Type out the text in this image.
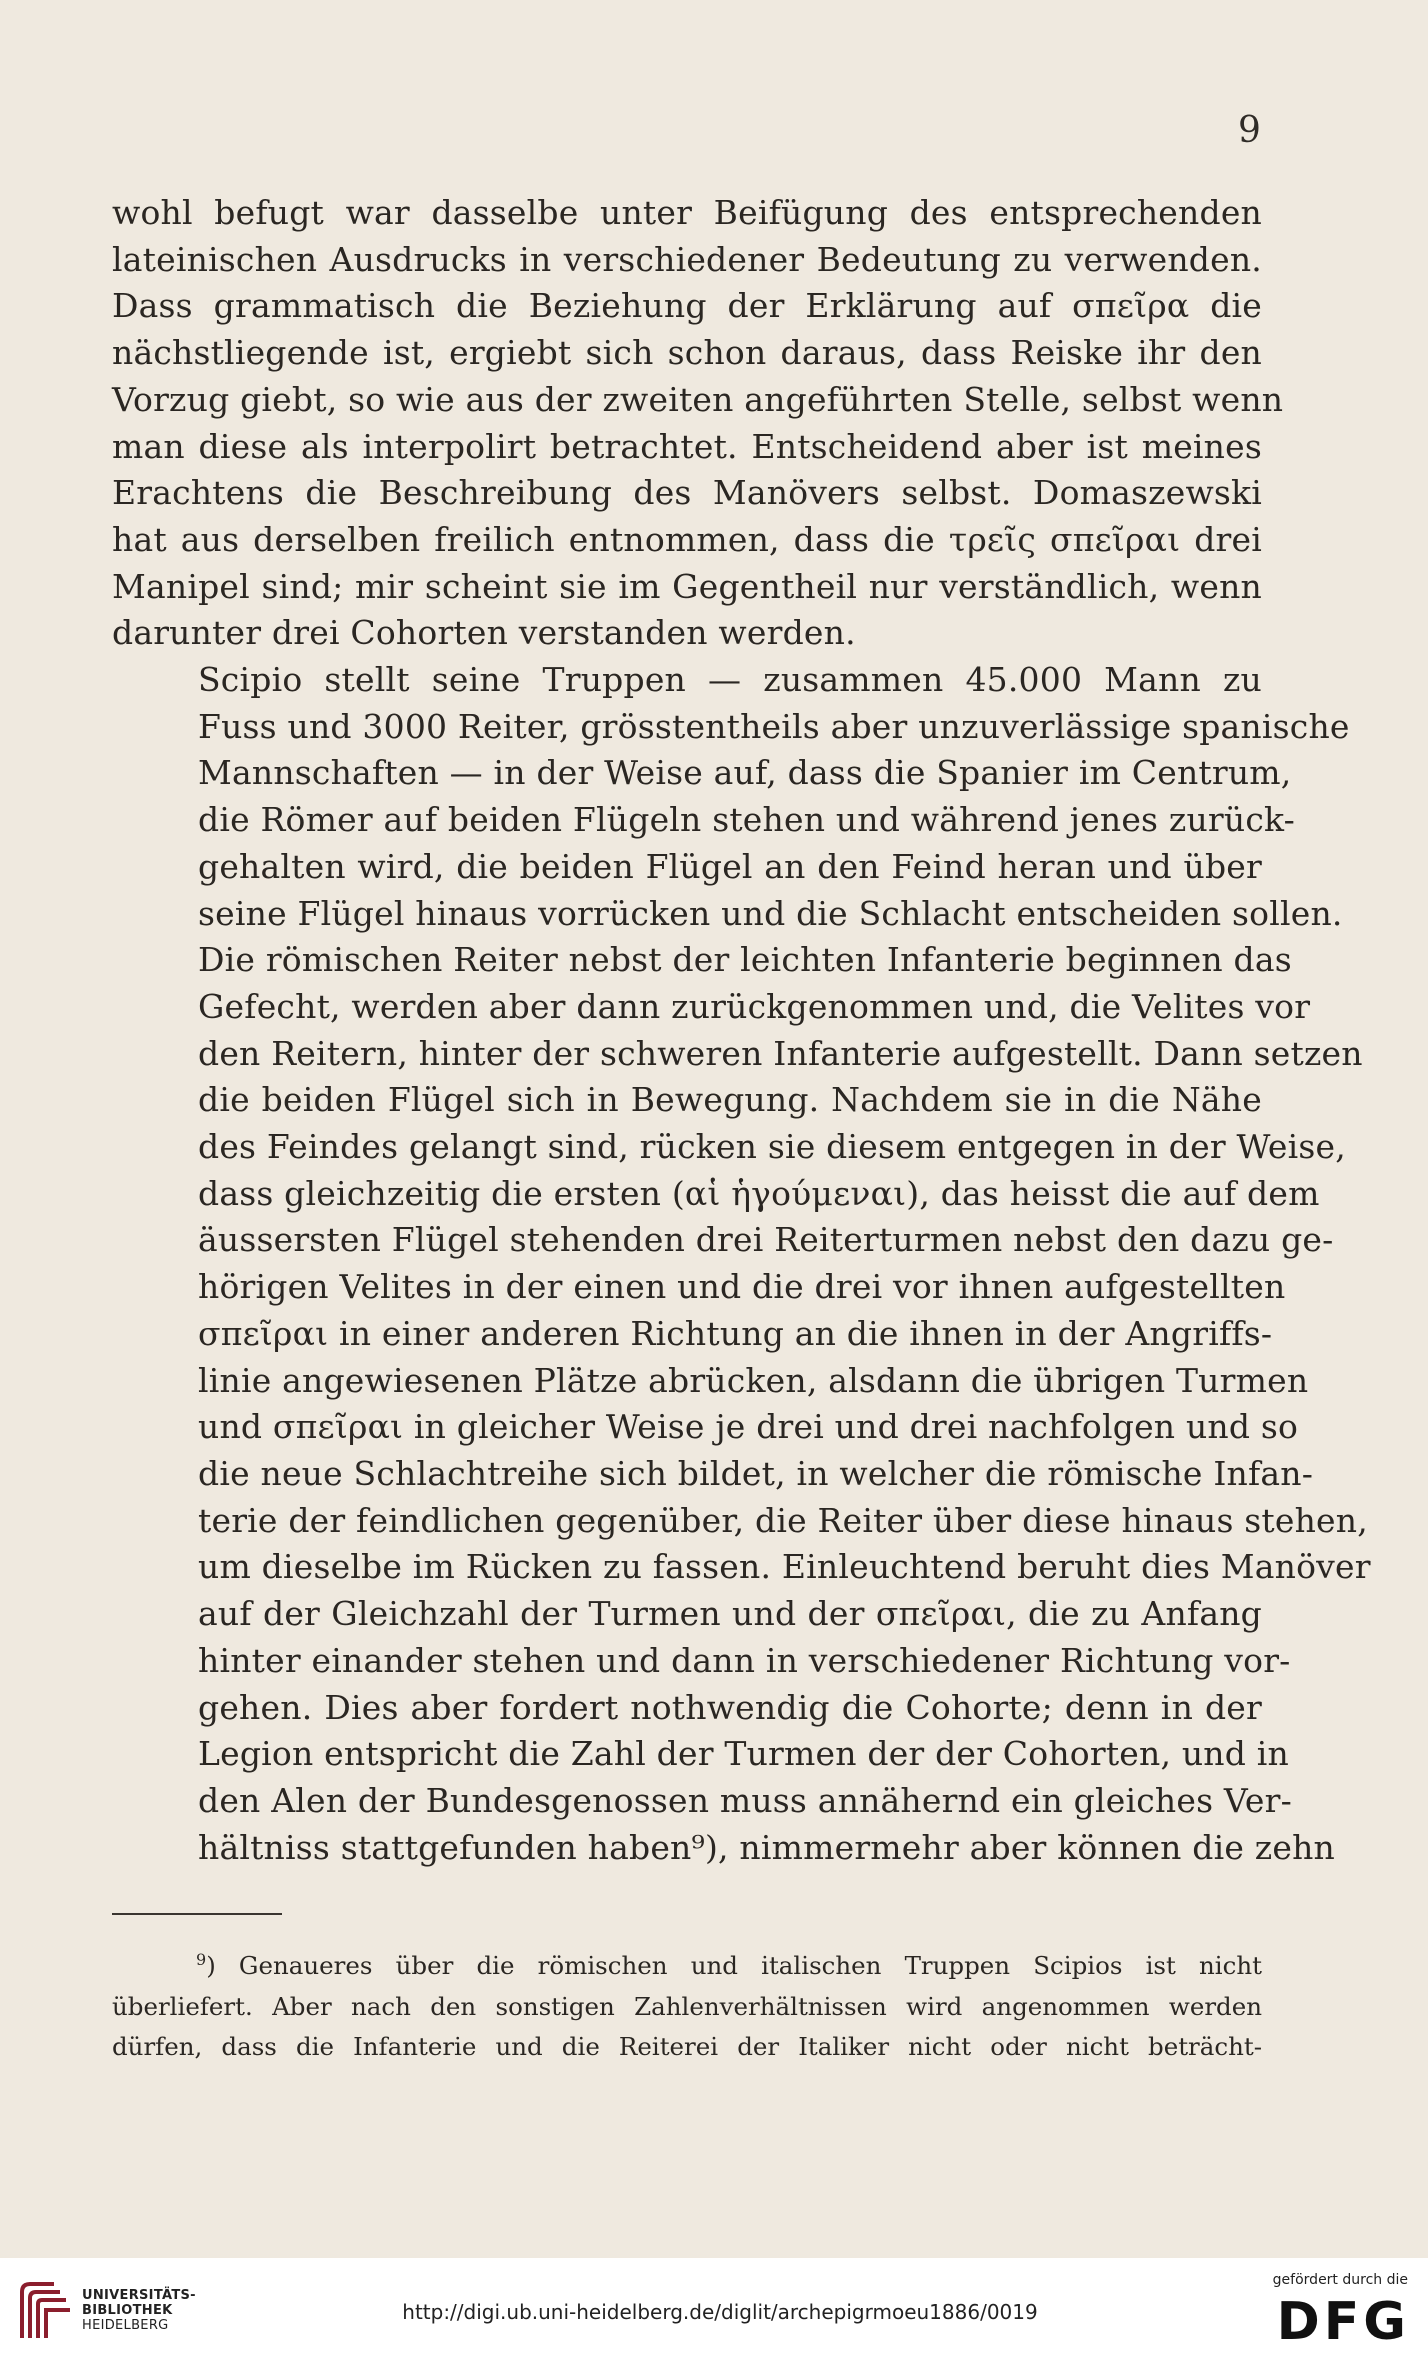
9
wohl befugt war dasselbe unter Beifügung des entsprechenden
lateinischen Ausdrucks in verschiedener Bedeutung zu verwenden.
Dass grammatisch die Beziehung der Erklärung auf σπεῖρα die
nächstliegende ist, ergiebt sich schon daraus, dass Reiske ihr den
Vorzug giebt, so wie aus der zweiten angeführten Stelle, selbst wenn
man diese als interpolirt betrachtet. Entscheidend aber ist meines
Erachtens die Beschreibung des Manövers selbst. Domaszewski
hat aus derselben freilich entnommen, dass die τρεῖς σπεῖραι drei
Manipel sind; mir scheint sie im Gegentheil nur verständlich, wenn
darunter drei Cohorten verstanden werden.
Scipio stellt seine Truppen — zusammen 45.000 Mann zu
Fuss und 3000 Reiter, grösstentheils aber unzuverlässige spanische
Mannschaften — in der Weise auf, dass die Spanier im Centrum,
die Römer auf beiden Flügeln stehen und während jenes zurück-
gehalten wird, die beiden Flügel an den Feind heran und über
seine Flügel hinaus vorrücken und die Schlacht entscheiden sollen.
Die römischen Reiter nebst der leichten Infanterie beginnen das
Gefecht, werden aber dann zurückgenommen und, die Velites vor
den Reitern, hinter der schweren Infanterie aufgestellt. Dann setzen
die beiden Flügel sich in Bewegung. Nachdem sie in die Nähe
des Feindes gelangt sind, rücken sie diesem entgegen in der Weise,
dass gleichzeitig die ersten (αἱ ἡγούμεναι), das heisst die auf dem
äussersten Flügel stehenden drei Reiterturmen nebst den dazu ge-
hörigen Velites in der einen und die drei vor ihnen aufgestellten
σπεῖραι in einer anderen Richtung an die ihnen in der Angriffs-
linie angewiesenen Plätze abrücken, alsdann die übrigen Turmen
und σπεῖραι in gleicher Weise je drei und drei nachfolgen und so
die neue Schlachtreihe sich bildet, in welcher die römische Infan-
terie der feindlichen gegenüber, die Reiter über diese hinaus stehen,
um dieselbe im Rücken zu fassen. Einleuchtend beruht dies Manöver
auf der Gleichzahl der Turmen und der σπεῖραι, die zu Anfang
hinter einander stehen und dann in verschiedener Richtung vor-
gehen. Dies aber fordert nothwendig die Cohorte; denn in der
Legion entspricht die Zahl der Turmen der der Cohorten, und in
den Alen der Bundesgenossen muss annähernd ein gleiches Ver-
hältniss stattgefunden haben⁹), nimmermehr aber können die zehn
$^9$) Genaueres über die römischen und italischen Truppen Scipios ist nicht
überliefert. Aber nach den sonstigen Zahlenverhältnissen wird angenommen werden
dürfen, dass die Infanterie und die Reiterei der Italiker nicht oder nicht beträcht-
UNIVERSITÄTS-
BIBLIOTHEK
HEIDELBERG
http://digi.ub.uni-heidelberg.de/diglit/archepigrmoeu1886/0019
gefördert durch die
DFG
